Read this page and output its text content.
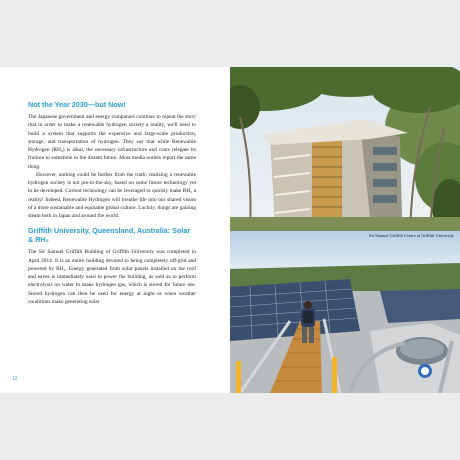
Not the Year 2030—but Now!

The Japanese government and energy companies continue to repeat the story that in order to make a renewable hydrogen society a reality, we'll need to build a system that supports the expensive and large-scale production, storage, and transportation of hydrogen. They say that while Renewable Hydrogen (RH₂) is ideal, the necessary infrastructure and costs relegate its fruition to sometime in the distant future. Most media outlets report the same thing.

However, nothing could be further from the truth: realizing a renewable hydrogen society is not pie-in-the-sky, based on some future technology yet to be developed. Current technology can be leveraged to quickly make RH₂ a reality! Indeed, Renewable Hydrogen will breathe life into our shared vision of a more sustainable and equitable global culture. Luckily, things are gaining steam both in Japan and around the world.

Griffith University, Queensland, Australia: Solar & RH₂

The Sir Samuel Griffith Building of Griffith University was completed in April 2014. It is an entire building devoted to being completely off-grid and powered by RH₂. Energy generated from solar panels installed on the roof and eaves is immediately used to power the building, as well as to perform electrolysis on water to make hydrogen gas, which is stored for future use. Stored hydrogen can then be used for energy at night or when weather conditions make generating solar

12
Sir Samuel Griffith Centre at Griffith University
